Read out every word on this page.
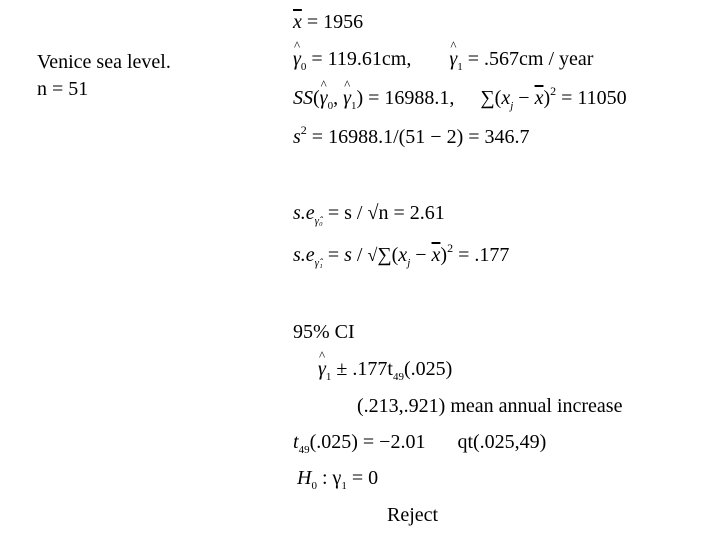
Venice sea level.
n = 51
$\overline{x} = 1956$
^ $\gamma_0 = 119.61cm$, ^ $\gamma_1 = .567cm$ / year
SS(^ $\gamma_0$, ^ $\gamma_1) = 16988.1$,  $\sum(x_j - \overline{x})^2 = 11050$
$s^2 = 16988.1/(51 - 2) = 346.7$
$s.e_{\gammâ_0} = s / √n = 2.61$
$s.e_{\gammâ_1} = s / √\sum(x_j - \overline{x})^2 = .177$
95% CI
^ $\gamma_1 \pm .177t_{49}(.025)$
(.213,.921) mean annual increase
$t_{49}(.025) = -2.01$ qt(.025,49)
$H_0$ : $\gamma_1 = 0$
Reject
